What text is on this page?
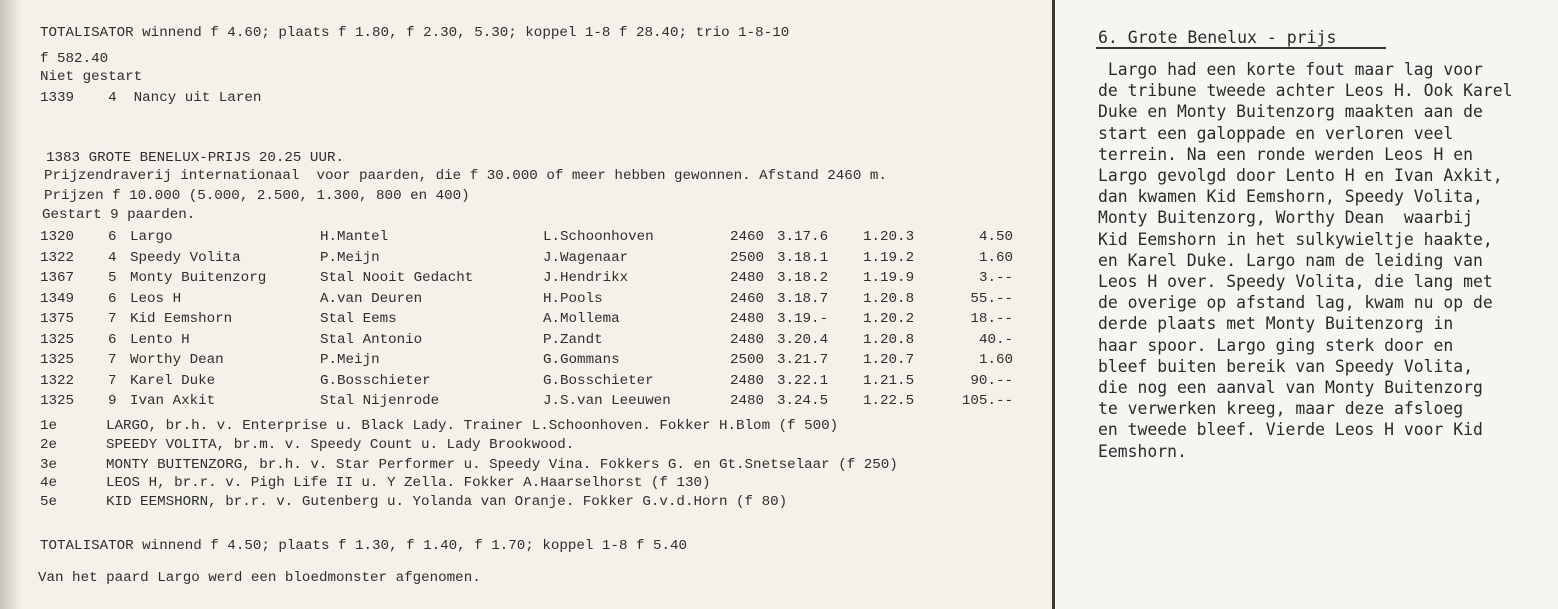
TOTALISATOR winnend f 4.60; plaats f 1.80, f 2.30, 5.30; koppel 1-8 f 28.40; trio 1-8-10
f 582.40
Niet gestart
1339    4  Nancy uit Laren
1383 GROTE BENELUX-PRIJS 20.25 UUR.
Prijzendraverij internationaal  voor paarden, die f 30.000 of meer hebben gewonnen. Afstand 2460 m.
Prijzen f 10.000 (5.000, 2.500, 1.300, 800 en 400)
Gestart 9 paarden.
1320 6 Largo	H.Mantel	L.Schoonhoven	2460 3.17.6 1.20.3	4.50
1322 4 Speedy Volita	P.Meijn	J.Wagenaar	2500 3.18.1 1.19.2	1.60
1367 5 Monty Buitenzorg	Stal Nooit Gedacht	J.Hendrikx	2480 3.18.2 1.19.9	3.--
1349 6 Leos H	A.van Deuren	H.Pools	2460 3.18.7 1.20.8	55.--
1375 7 Kid Eemshorn	Stal Eems	A.Mollema	2480 3.19.- 1.20.2	18.--
1325 6 Lento H	Stal Antonio	P.Zandt	2480 3.20.4 1.20.8	40.-
1325 7 Worthy Dean	P.Meijn	G.Gommans	2500 3.21.7 1.20.7	1.60
1322 7 Karel Duke	G.Bosschieter	G.Bosschieter	2480 3.22.1 1.21.5	90.--
1325 9 Ivan Axkit	Stal Nijenrode	J.S.van Leeuwen	2480 3.24.5 1.22.5	105.--
1e	LARGO, br.h. v. Enterprise u. Black Lady. Trainer L.Schoonhoven. Fokker H.Blom (f 500)
2e	SPEEDY VOLITA, br.m. v. Speedy Count u. Lady Brookwood.
3e	MONTY BUITENZORG, br.h. v. Star Performer u. Speedy Vina. Fokkers G. en Gt.Snetselaar (f 250)
4e	LEOS H, br.r. v. Pigh Life II u. Y Zella. Fokker A.Haarselhorst (f 130)
5e	KID EEMSHORN, br.r. v. Gutenberg u. Yolanda van Oranje. Fokker G.v.d.Horn (f 80)
TOTALISATOR winnend f 4.50; plaats f 1.30, f 1.40, f 1.70; koppel 1-8 f 5.40
Van het paard Largo werd een bloedmonster afgenomen.
6. Grote Benelux - prijs
Largo had een korte fout maar lag voor
de tribune tweede achter Leos H. Ook Karel
Duke en Monty Buitenzorg maakten aan de
start een galoppade en verloren veel
terrein. Na een ronde werden Leos H en
Largo gevolgd door Lento H en Ivan Axkit,
dan kwamen Kid Eemshorn, Speedy Volita,
Monty Buitenzorg, Worthy Dean  waarbij
Kid Eemshorn in het sulkywieltje haakte,
en Karel Duke. Largo nam de leiding van
Leos H over. Speedy Volita, die lang met
de overige op afstand lag, kwam nu op de
derde plaats met Monty Buitenzorg in
haar spoor. Largo ging sterk door en
bleef buiten bereik van Speedy Volita,
die nog een aanval van Monty Buitenzorg
te verwerken kreeg, maar deze afsloeg
en tweede bleef. Vierde Leos H voor Kid
Eemshorn.
